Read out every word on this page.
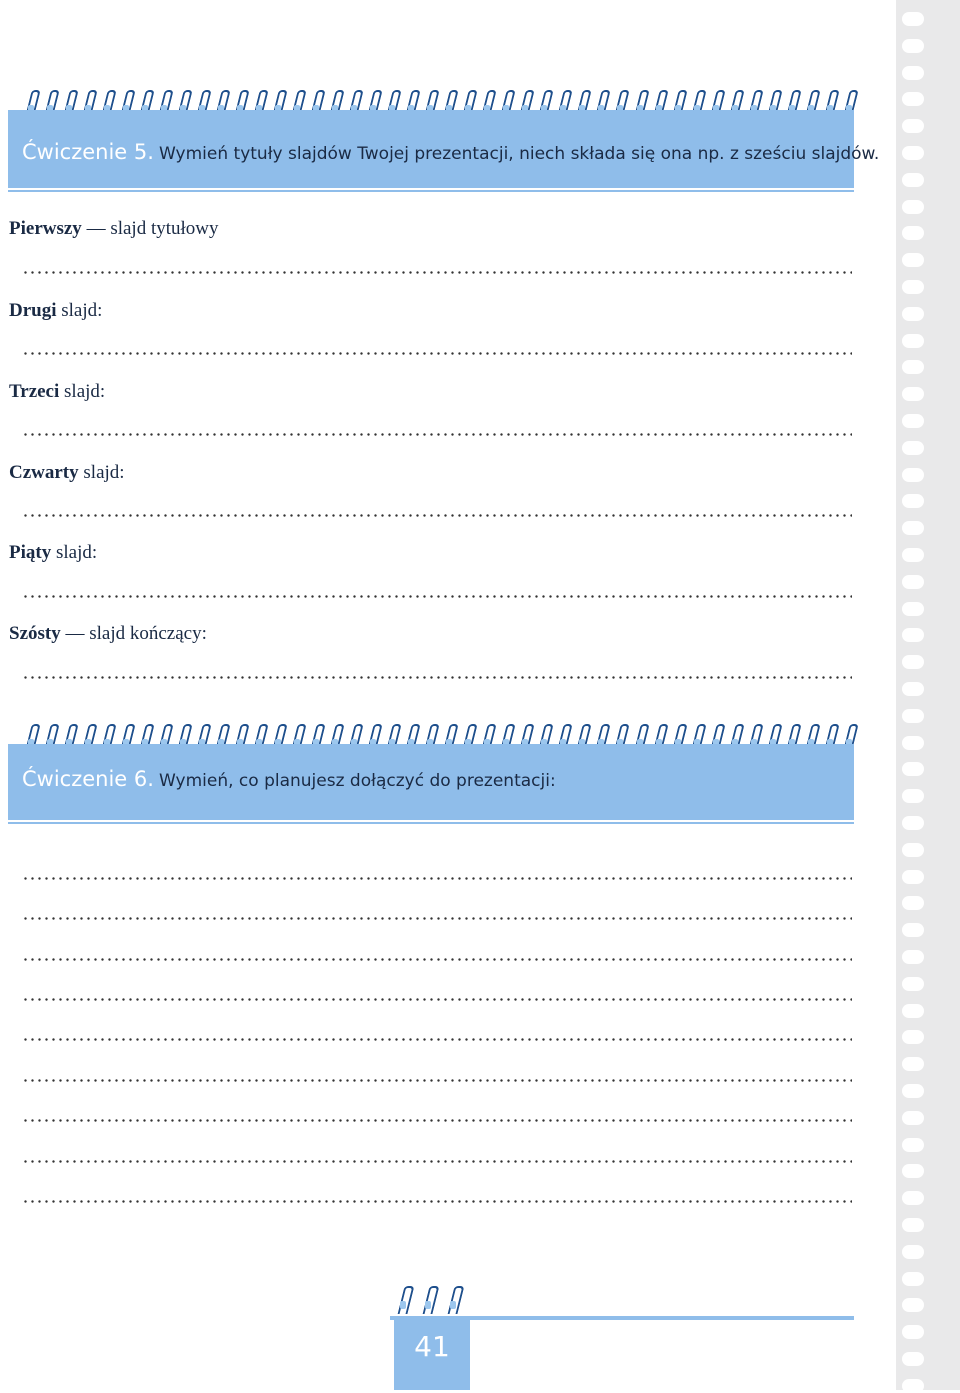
Ćwiczenie 5. Wymień tytuły slajdów Twojej prezentacji, niech składa się ona np. z sześciu slajdów.
Pierwszy — slajd tytułowy
Drugi slajd:
Trzeci slajd:
Czwarty slajd:
Piąty slajd:
Szósty — slajd kończący:
Ćwiczenie 6. Wymień, co planujesz dołączyć do prezentacji:
41
